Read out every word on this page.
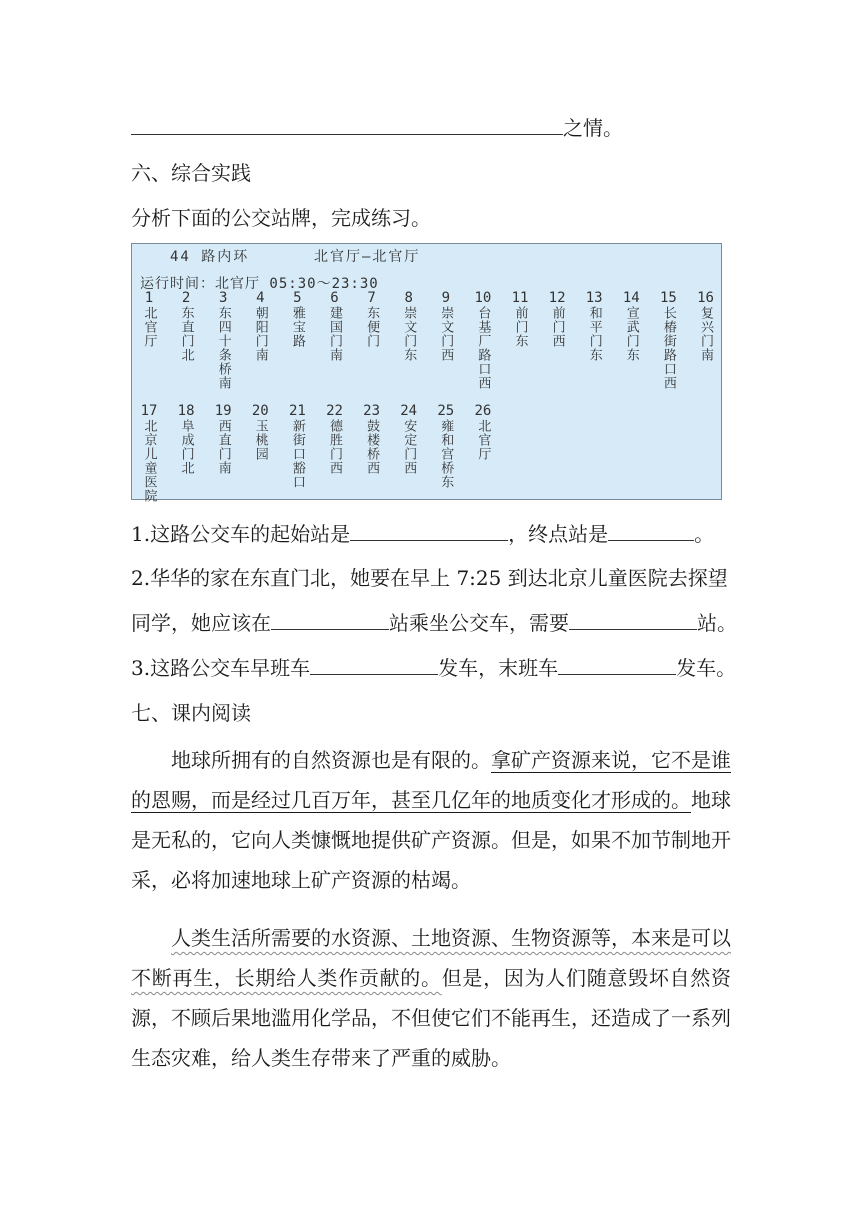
之情。
六、综合实践
分析下面的公交站牌，完成练习。
44 路内环	北官厅—北官厅
运行时间：北官厅 05:30～23:30
1
北官厅
2
东直门北
3
东四十条桥南
4
朝阳门南
5
雅宝路
6
建国门南
7
东便门
8
崇文门东
9
崇文门西
10
台基厂路口西
11
前门东
12
前门西
13
和平门东
14
宣武门东
15
长椿街路口西
16
复兴门南
17
北京儿童医院
18
阜成门北
19
西直门南
20
玉桃园
21
新街口豁口
22
德胜门西
23
鼓楼桥西
24
安定门西
25
雍和宫桥东
26
北官厅
1.这路公交车的起始站是	，终点站是	。
2.华华的家在东直门北，她要在早上 7:25 到达北京儿童医院去探望
同学，她应该在	站乘坐公交车，需要	站。
3.这路公交车早班车	发车，末班车	发车。
七、课内阅读
地球所拥有的自然资源也是有限的。拿矿产资源来说，它不是谁的恩赐，而是经过几百万年，甚至几亿年的地质变化才形成的。地球是无私的，它向人类慷慨地提供矿产资源。但是，如果不加节制地开采，必将加速地球上矿产资源的枯竭。
人类生活所需要的水资源、土地资源、生物资源等，本来是可以不断再生，长期给人类作贡献的。但是，因为人们随意毁坏自然资源，不顾后果地滥用化学品，不但使它们不能再生，还造成了一系列生态灾难，给人类生存带来了严重的威胁。
